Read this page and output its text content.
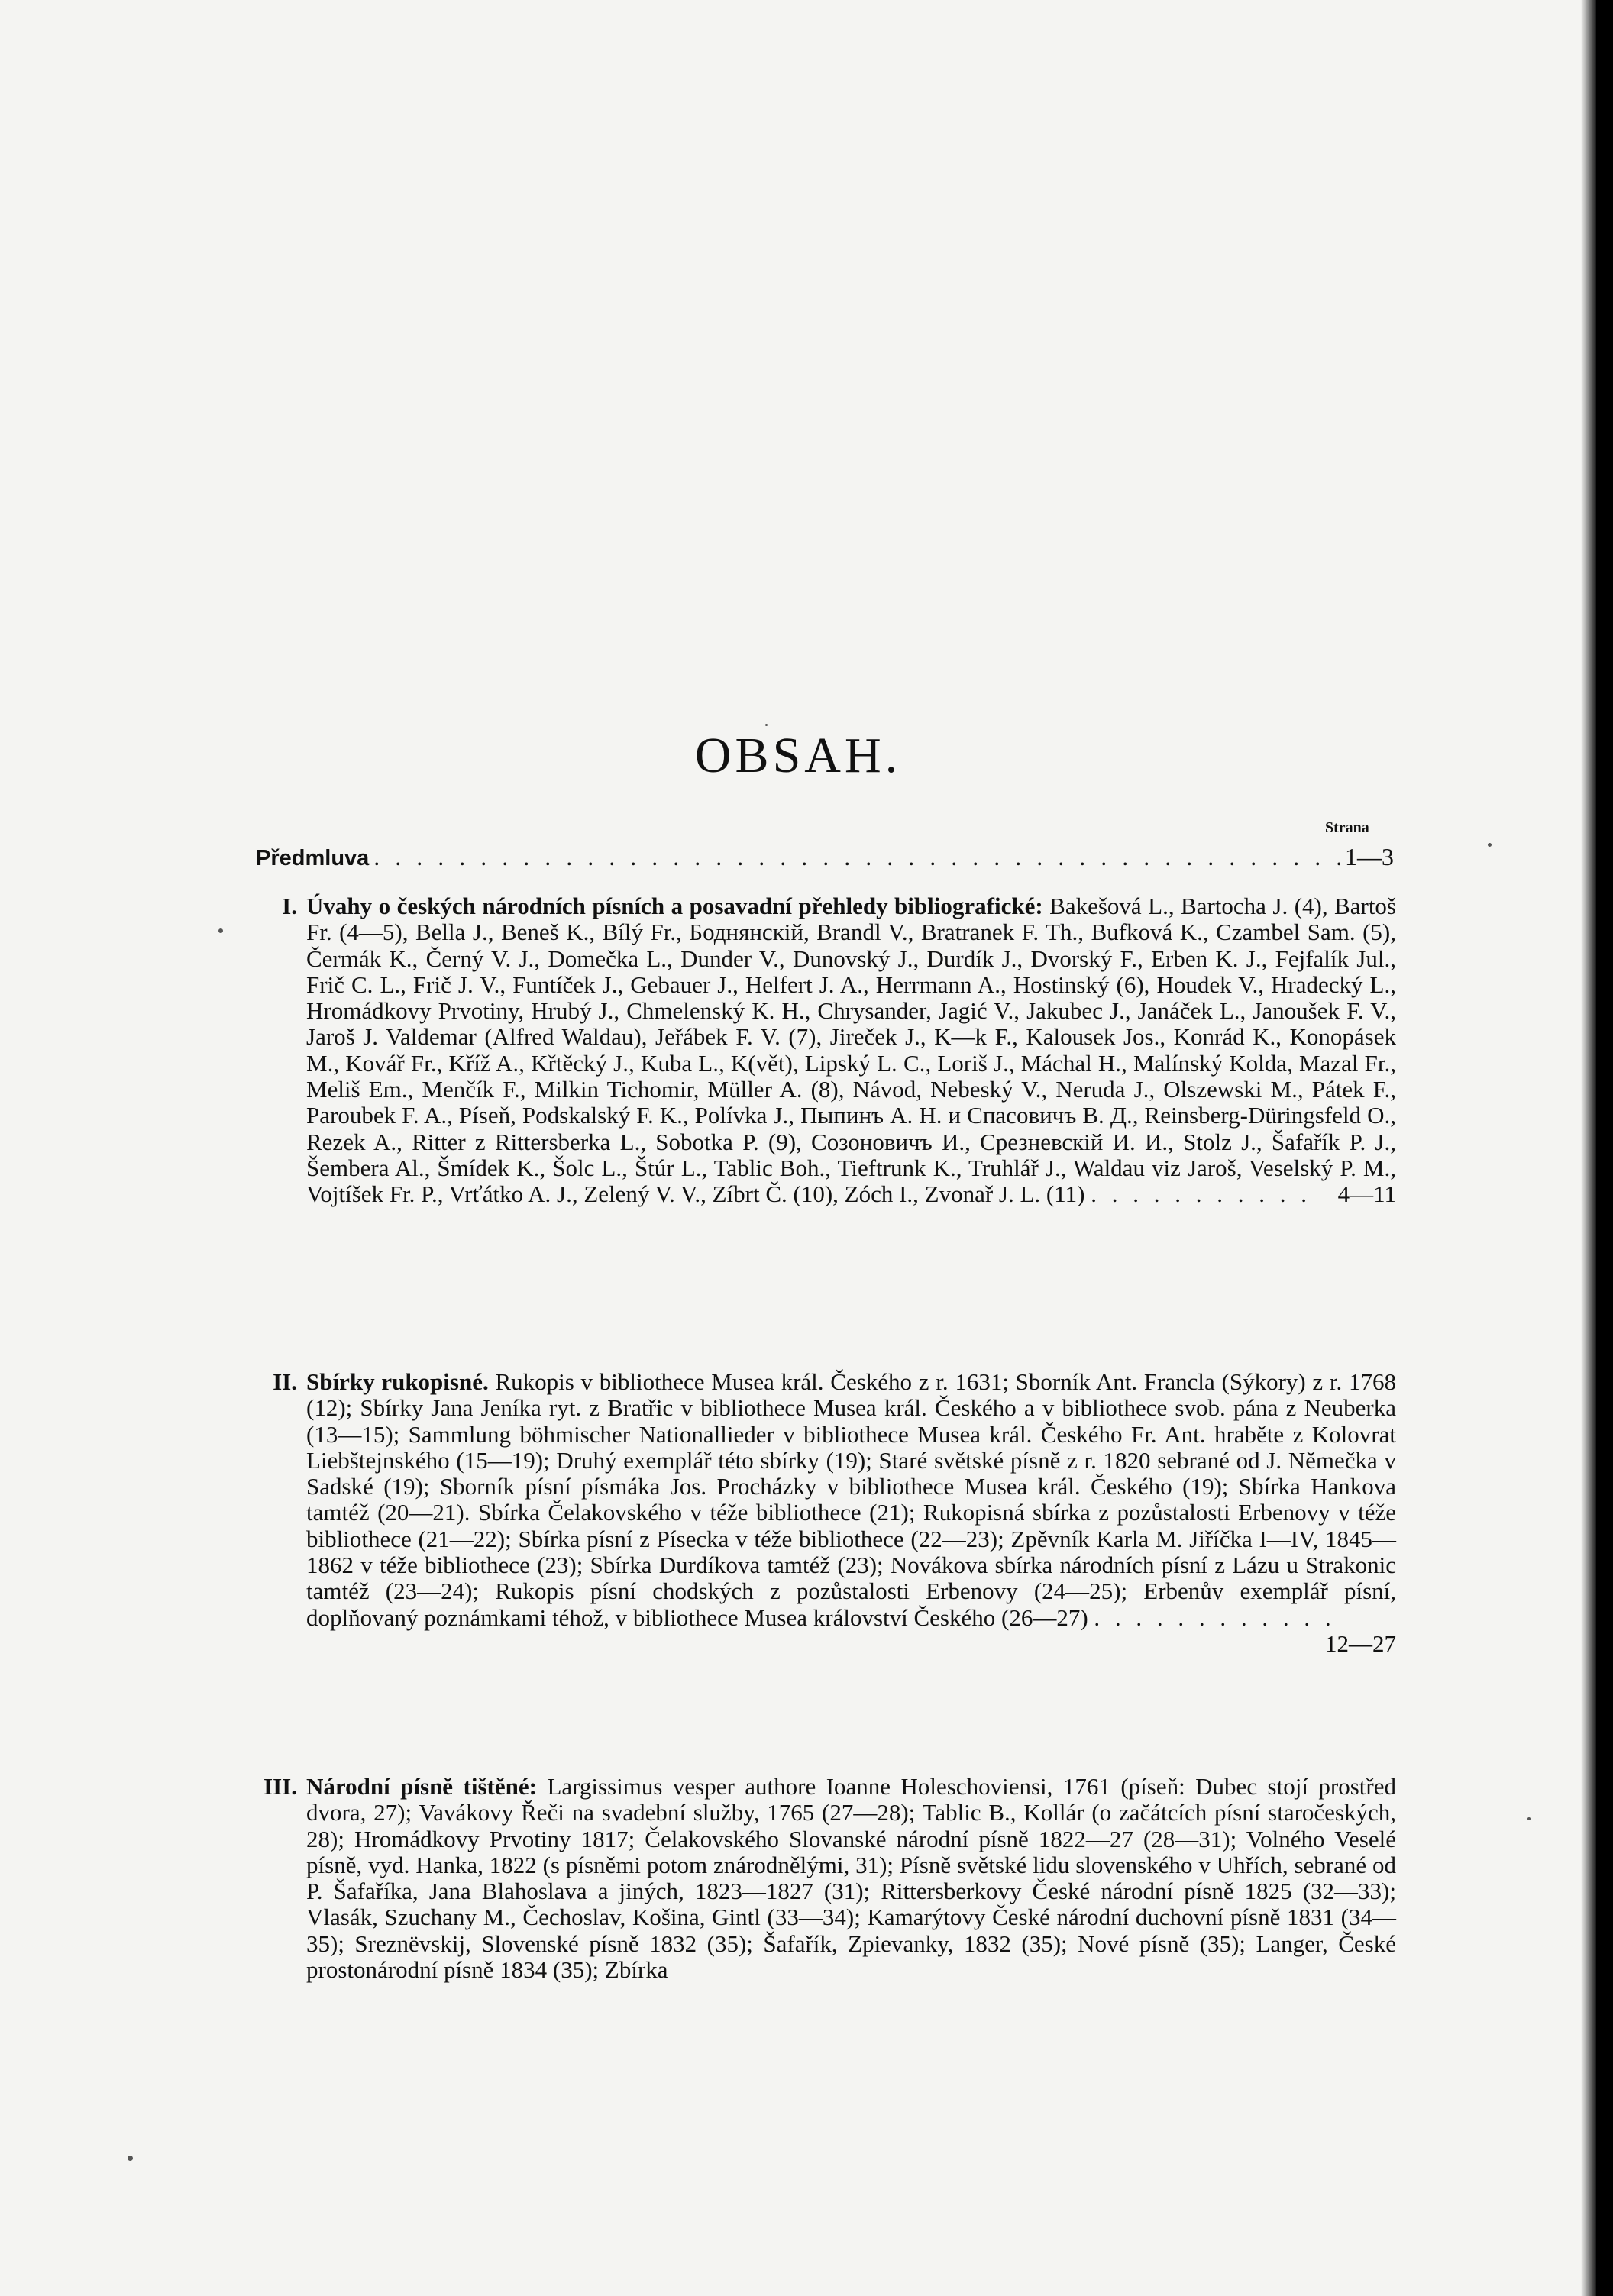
OBSAH.
Strana
Předmluva
. . .	1—3
I. Úvahy o českých národních písních a posavadní přehledy bibliografické: Bakešová L., Bartocha J. (4), Bartoš Fr. (4—5), Bella J., Beneš K., Bílý Fr., Боднянскій, Brandl V., Bratranek F. Th., Bufková K., Czambel Sam. (5), Čermák K., Černý V. J., Domečka L., Dunder V., Dunovský J., Durdík J., Dvorský F., Erben K. J., Fejfalík Jul., Frič C. L., Frič J. V., Funtíček J., Gebauer J., Helfert J. A., Herrmann A., Hostinský (6), Houdek V., Hradecký L., Hromádkovy Prvotiny, Hrubý J., Chmelenský K. H., Chrysander, Jagić V., Jakubec J., Janáček L., Janoušek F. V., Jaroš J. Valdemar (Alfred Waldau), Jeřábek F. V. (7), Jireček J., K—k F., Kalousek Jos., Konrád K., Konopásek M., Kovář Fr., Kříž A., Křtěcký J., Kuba L., K(vět), Lipský L. C., Loriš J., Máchal H., Malínský Kolda, Mazal Fr., Meliš Em., Menčík F., Milkin Tichomir, Müller A. (8), Návod, Nebeský V., Neruda J., Olszewski M., Pátek F., Paroubek F. A., Píseň, Podskalský F. K., Polívka J., Пыпинъ А. Н. и Спасовичъ В. Д., Reinsberg-Düringsfeld O., Rezek A., Ritter z Rittersberka L., Sobotka P. (9), Созоновичъ И., Срезневскій И. И., Stolz J., Šafařík P. J., Šembera Al., Šmídek K., Šolc L., Štúr L., Tablic Boh., Tieftrunk K., Truhlář J., Waldau viz Jaroš, Veselský P. M., Vojtíšek Fr. P., Vrťátko A. J., Zelený V. V., Zíbrt Č. (10), Zóch I., Zvonař J. L. (11) . . . . . . . . . . . 4—11
II. Sbírky rukopisné. Rukopis v bibliothece Musea král. Českého z r. 1631; Sborník Ant. Francla (Sýkory) z r. 1768 (12); Sbírky Jana Jeníka ryt. z Bratřic v bibliothece Musea král. Českého a v bibliothece svob. pána z Neuberka (13—15); Sammlung böhmischer Nationallieder v bibliothece Musea král. Českého Fr. Ant. hraběte z Kolovrat Liebštejnského (15—19); Druhý exemplář této sbírky (19); Staré světské písně z r. 1820 sebrané od J. Němečka v Sadské (19); Sborník písní písmáka Jos. Procházky v bibliothece Musea král. Českého (19); Sbírka Hankova tamtéž (20—21). Sbírka Čelakovského v téže bibliothece (21); Rukopisná sbírka z pozůstalosti Erbenovy v téže bibliothece (21—22); Sbírka písní z Písecka v téže bibliothece (22—23); Zpěvník Karla M. Jiříčka I—IV, 1845—1862 v téže bibliothece (23); Sbírka Durdíkova tamtéž (23); Novákova sbírka národních písní z Lázu u Strakonic tamtéž (23—24); Rukopis písní chodských z pozůstalosti Erbenovy (24—25); Erbenův exemplář písní, doplňovaný poznámkami téhož, v bibliothece Musea království Českého (26—27) . . . . . . . . . . . .
12—27
III. Národní písně tištěné: Largissimus vesper authore Ioanne Holeschoviensi, 1761 (píseň: Dubec stojí prostřed dvora, 27); Vavákovy Řeči na svadební služby, 1765 (27—28); Tablic B., Kollár (o začátcích písní staročeských, 28); Hromádkovy Prvotiny 1817; Čelakovského Slovanské národní písně 1822—27 (28—31); Volného Veselé písně, vyd. Hanka, 1822 (s písněmi potom znárodnělými, 31); Písně světské lidu slovenského v Uhřích, sebrané od P. Šafaříka, Jana Blahoslava a jiných, 1823—1827 (31); Rittersberkovy České národní písně 1825 (32—33); Vlasák, Szuchany M., Čechoslav, Košina, Gintl (33—34); Kamarýtovy České národní duchovní písně 1831 (34—35); Sreznëvskij, Slovenské písně 1832 (35); Šafařík, Zpievanky, 1832 (35); Nové písně (35); Langer, České prostonárodní písně 1834 (35); Zbírka
